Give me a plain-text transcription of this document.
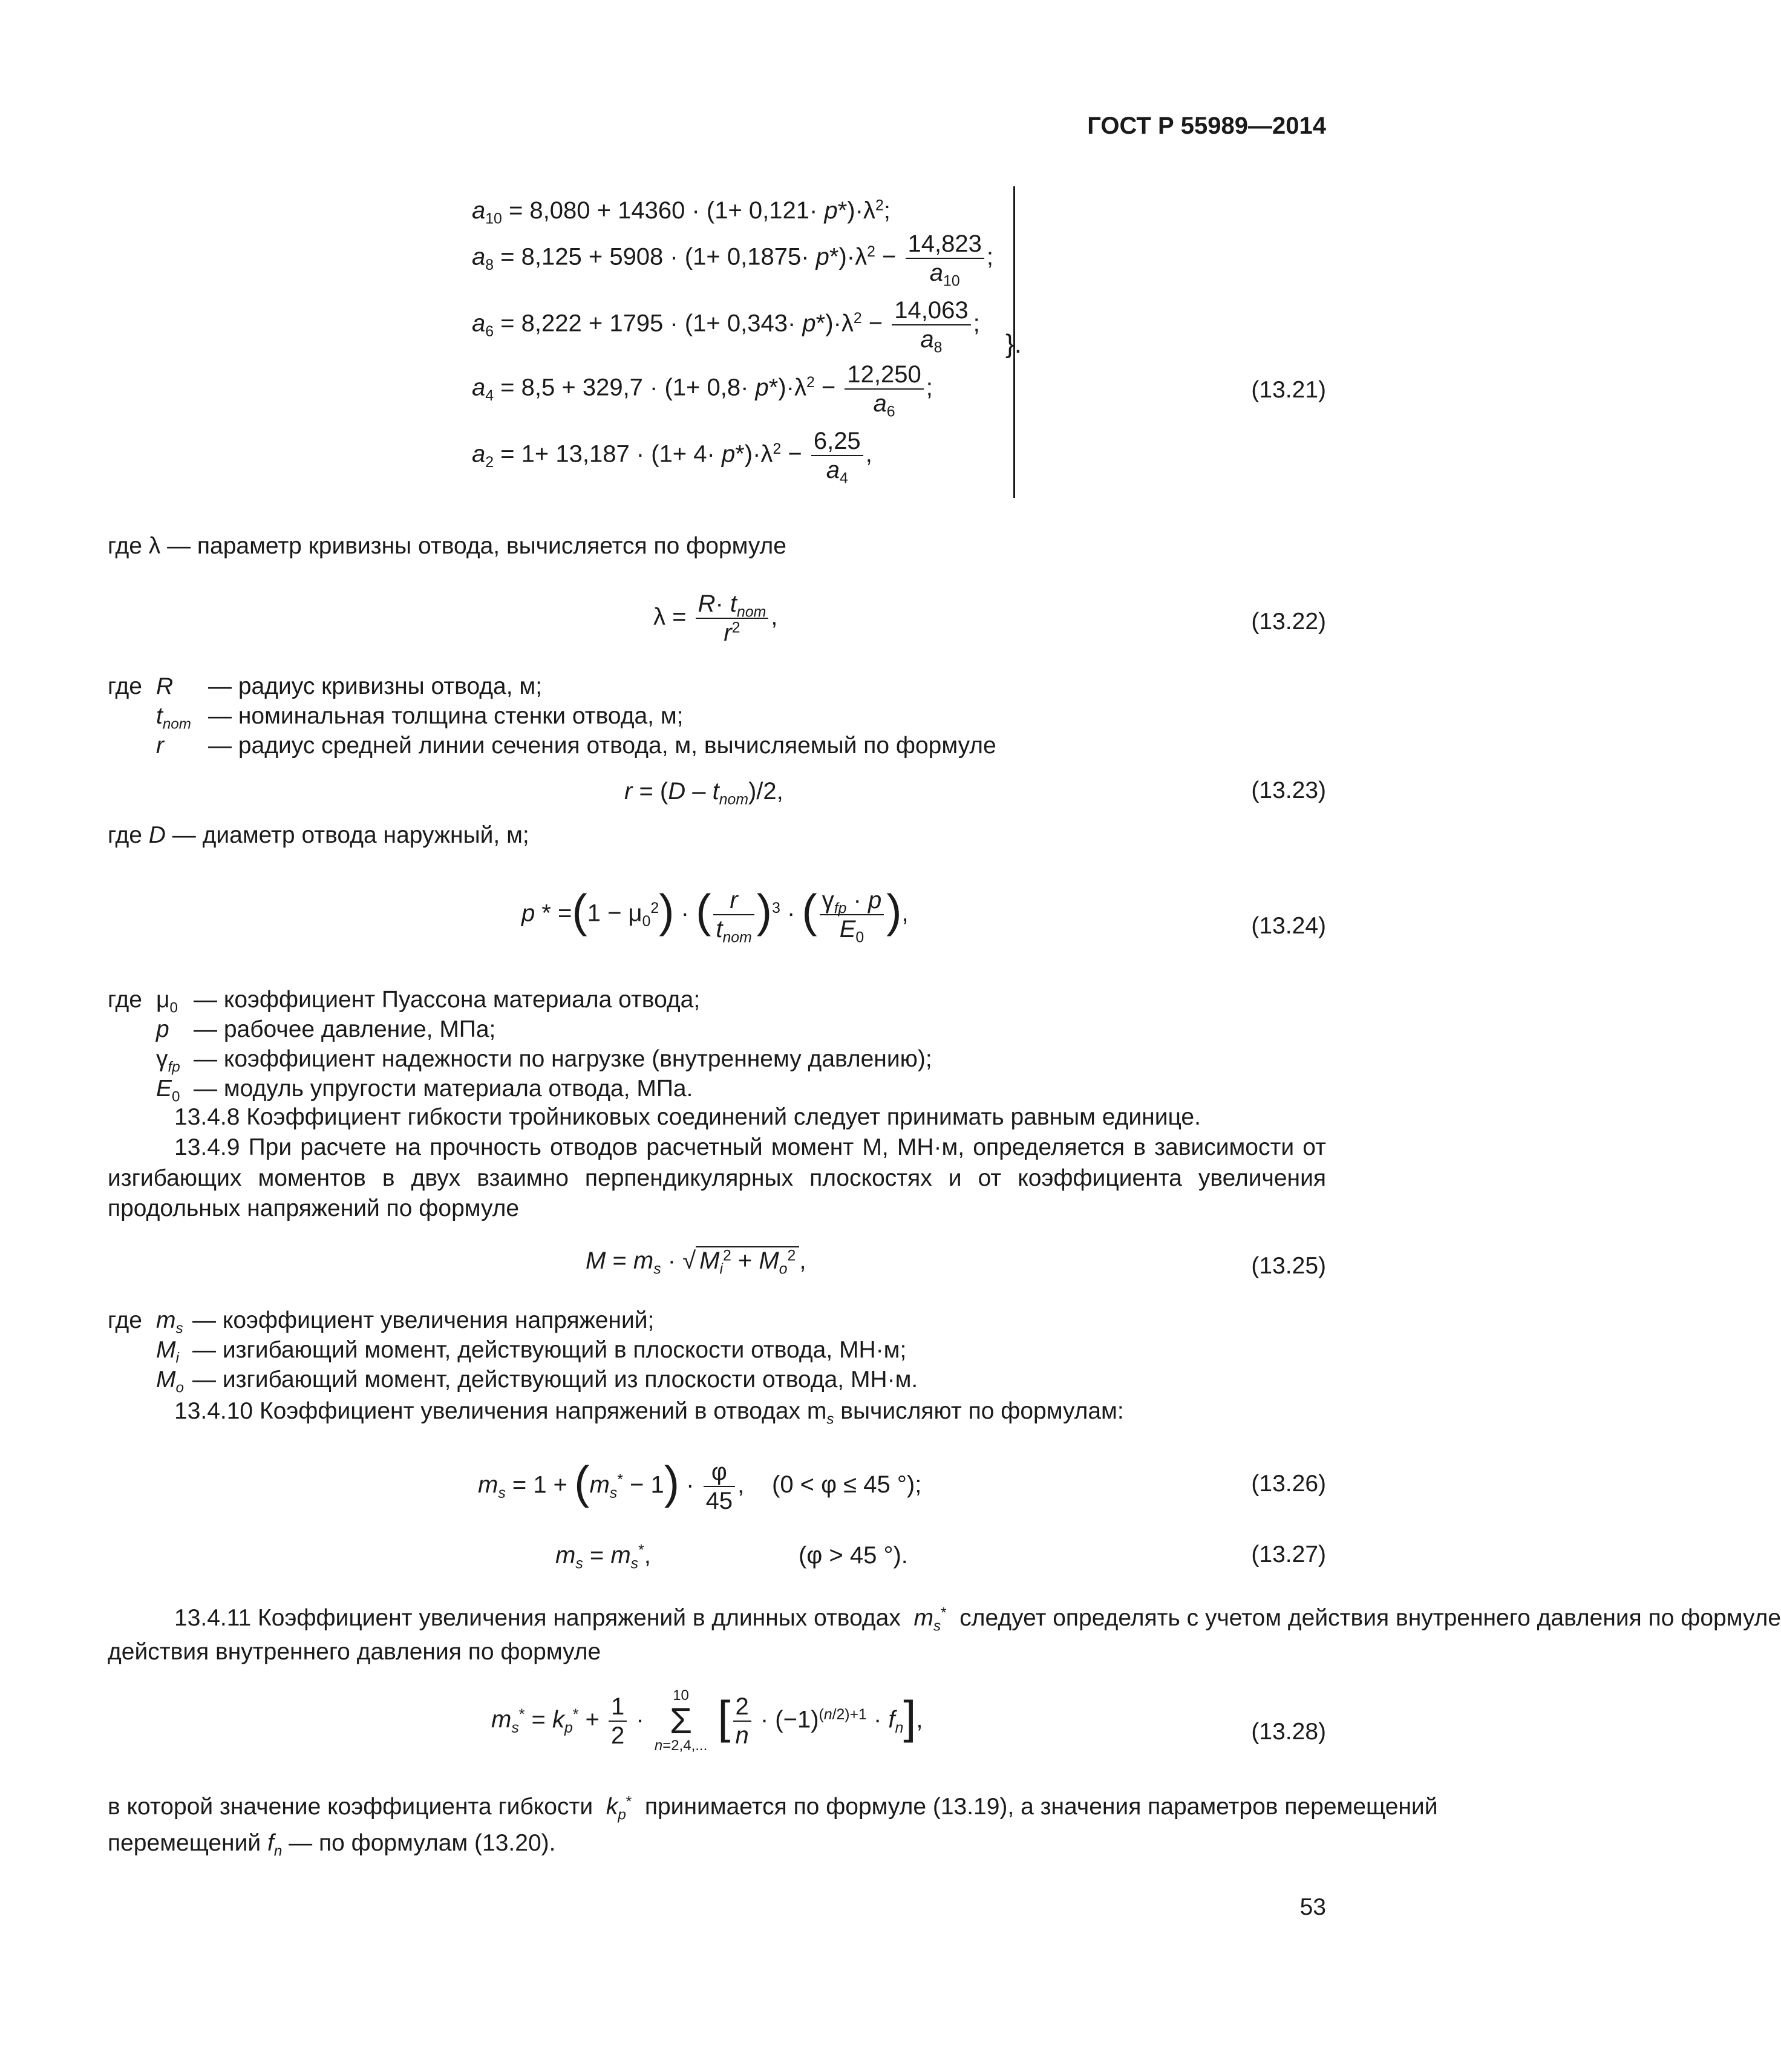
ГОСТ Р 55989—2014
$a_{10} = 8,080 + 14360 \cdot (1+ 0,121\cdot p*)\cdot\lambda^2$;
$a_8 = 8,125 + 5908 \cdot (1+ 0,1875\cdot p*)\cdot\lambda^2 - \frac{14,823}{a_{10}}$ ;
$a_6 = 8,222 + 1795 \cdot (1+ 0,343\cdot p*)\cdot\lambda^2 - \frac{14,063}{a_8}$ ;
$a_4 = 8,5 + 329,7 \cdot (1+ 0,8\cdot p*)\cdot\lambda^2 - \frac{12,250}{a_6}$ ;
$a_2 = 1+ 13,187 \cdot (1+ 4\cdot p*)\cdot\lambda^2 - \frac{6,25}{a_4}$ ,
}.
(13.21)
где λ — параметр кривизны отвода, вычисляется по формуле
$\lambda = \frac{R\cdot t_{nom}}{r^2}$ ,	(13.22)
где R — радиус кривизны отвода, м;
$t_{nom}$ — номинальная толщина стенки отвода, м;
r — радиус средней линии сечения отвода, м, вычисляемый по формуле
$r = (D - t_{nom})/2$,	(13.23)
где D — диаметр отвода наружный, м;
$p * =(1 - \mu_0^2)$ · ( $\frac{r}{t_{nom}} )^3$ · ( $\frac{\gamma_{fp} \cdot p}{E_0}$ ),	(13.24)
где $\mu_0$ — коэффициент Пуассона материала отвода;
p — рабочее давление, МПа;
$\gamma_{fp}$ — коэффициент надежности по нагрузке (внутреннему давлению);
$E_0$ — модуль упругости материала отвода, МПа.
13.4.8 Коэффициент гибкости тройниковых соединений следует принимать равным единице.
13.4.9 При расчете на прочность отводов расчетный момент M, МН·м, определяется в зависимости от изгибающих моментов в двух взаимно перпендикулярных плоскостях и от коэффициента увеличения продольных напряжений по формуле
$M = m_s$ · √ $M_i^2 + M_o^2$ ,	(13.25)
где $m_s$ — коэффициент увеличения напряжений;
$M_i$ — изгибающий момент, действующий в плоскости отвода, МН·м;
$M_o$ — изгибающий момент, действующий из плоскости отвода, МН·м.
13.4.10 Коэффициент увеличения напряжений в отводах $m_s$ вычисляют по формулам:
$m_s = 1 + (m_s^* - 1) \cdot \frac{\varphi}{45}$ , (0 < φ ≤ 45 °);	(13.26)
$m_s = m_s^*$,	(φ > 45 °).	(13.27)
13.4.11 Коэффициент увеличения напряжений в длинных отводах $m_s^*$ следует определять с учетом действия внутреннего давления по формуле
действия внутреннего давления по формуле
$m_s^* = k_p^* + \frac{1}{2}$ ·
10
Σ
n=2,4,...
[ $\frac{2}{n} \cdot (-1)^{(n/2)+1} \cdot f_n$],	(13.28)
в которой значение коэффициента гибкости $k_p^*$ принимается по формуле (13.19), а значения параметров перемещений
перемещений $f_n$ — по формулам (13.20).
53
